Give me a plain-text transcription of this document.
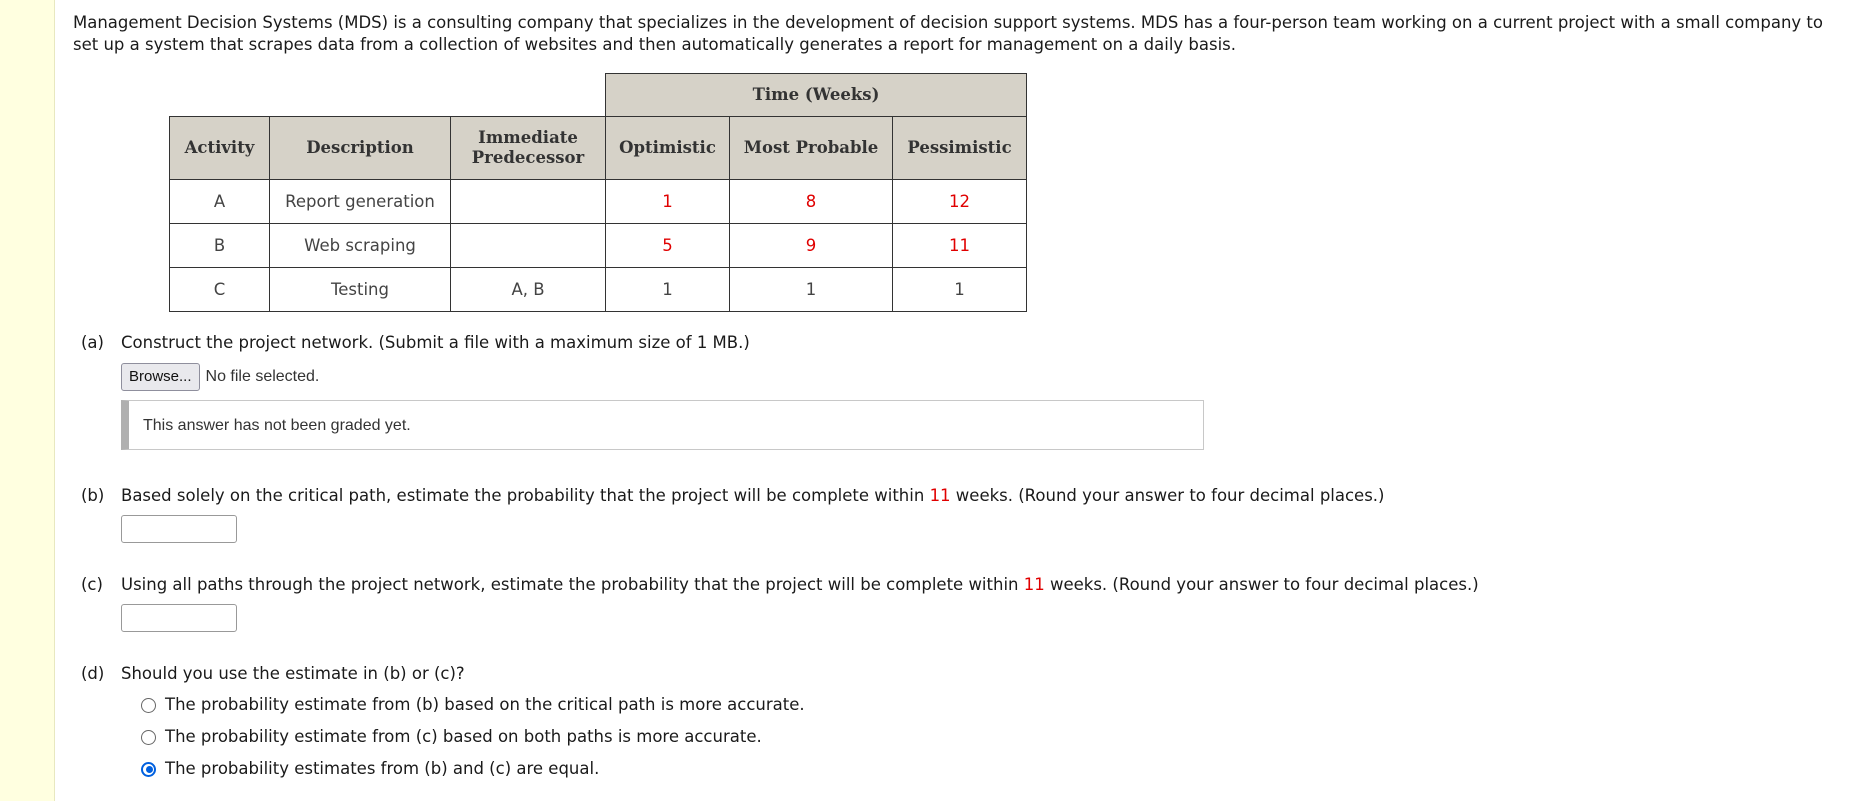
Management Decision Systems (MDS) is a consulting company that specializes in the development of decision support systems. MDS has a four-person team working on a current project with a small company to set up a system that scrapes data from a collection of websites and then automatically generates a report for management on a daily basis.

			Time (Weeks)		
Activity	Description	Immediate Predecessor	Optimistic	Most Probable	Pessimistic
A	Report generation		1	8	12
B	Web scraping		5	9	11
C	Testing	A, B	1	1	1
(a) Construct the project network. (Submit a file with a maximum size of 1 MB.)
Browse... No file selected.
This answer has not been graded yet.
(b) Based solely on the critical path, estimate the probability that the project will be complete within 11 weeks. (Round your answer to four decimal places.)
(c) Using all paths through the project network, estimate the probability that the project will be complete within 11 weeks. (Round your answer to four decimal places.)
(d) Should you use the estimate in (b) or (c)?
The probability estimate from (b) based on the critical path is more accurate.
The probability estimate from (c) based on both paths is more accurate.
The probability estimates from (b) and (c) are equal.
